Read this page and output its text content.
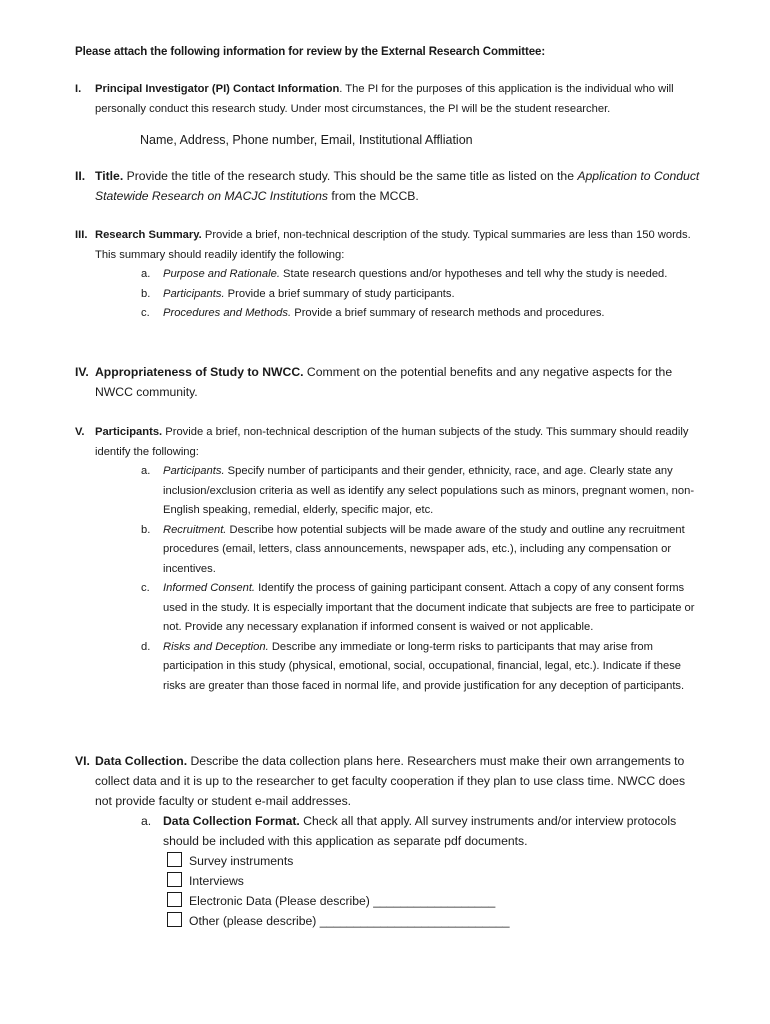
Please attach the following information for review by the External Research Committee:
I. Principal Investigator (PI) Contact Information. The PI for the purposes of this application is the individual who will personally conduct this research study. Under most circumstances, the PI will be the student researcher.
Name, Address, Phone number, Email, Institutional Affliation
II. Title. Provide the title of the research study. This should be the same title as listed on the Application to Conduct Statewide Research on MACJC Institutions from the MCCB.
III. Research Summary. Provide a brief, non-technical description of the study. Typical summaries are less than 150 words. This summary should readily identify the following:
a. Purpose and Rationale. State research questions and/or hypotheses and tell why the study is needed.
b. Participants. Provide a brief summary of study participants.
c. Procedures and Methods. Provide a brief summary of research methods and procedures.
IV. Appropriateness of Study to NWCC. Comment on the potential benefits and any negative aspects for the NWCC community.
V. Participants. Provide a brief, non-technical description of the human subjects of the study. This summary should readily identify the following:
a. Participants. Specify number of participants and their gender, ethnicity, race, and age. Clearly state any inclusion/exclusion criteria as well as identify any select populations such as minors, pregnant women, non-English speaking, remedial, elderly, specific major, etc.
b. Recruitment. Describe how potential subjects will be made aware of the study and outline any recruitment procedures (email, letters, class announcements, newspaper ads, etc.), including any compensation or incentives.
c. Informed Consent. Identify the process of gaining participant consent. Attach a copy of any consent forms used in the study. It is especially important that the document indicate that subjects are free to participate or not. Provide any necessary explanation if informed consent is waived or not applicable.
d. Risks and Deception. Describe any immediate or long-term risks to participants that may arise from participation in this study (physical, emotional, social, occupational, financial, legal, etc.). Indicate if these risks are greater than those faced in normal life, and provide justification for any deception of participants.
VI. Data Collection. Describe the data collection plans here. Researchers must make their own arrangements to collect data and it is up to the researcher to get faculty cooperation if they plan to use class time. NWCC does not provide faculty or student e-mail addresses.
a. Data Collection Format. Check all that apply. All survey instruments and/or interview protocols should be included with this application as separate pdf documents.
Survey instruments
Interviews
Electronic Data (Please describe) __________________
Other (please describe) ____________________________
